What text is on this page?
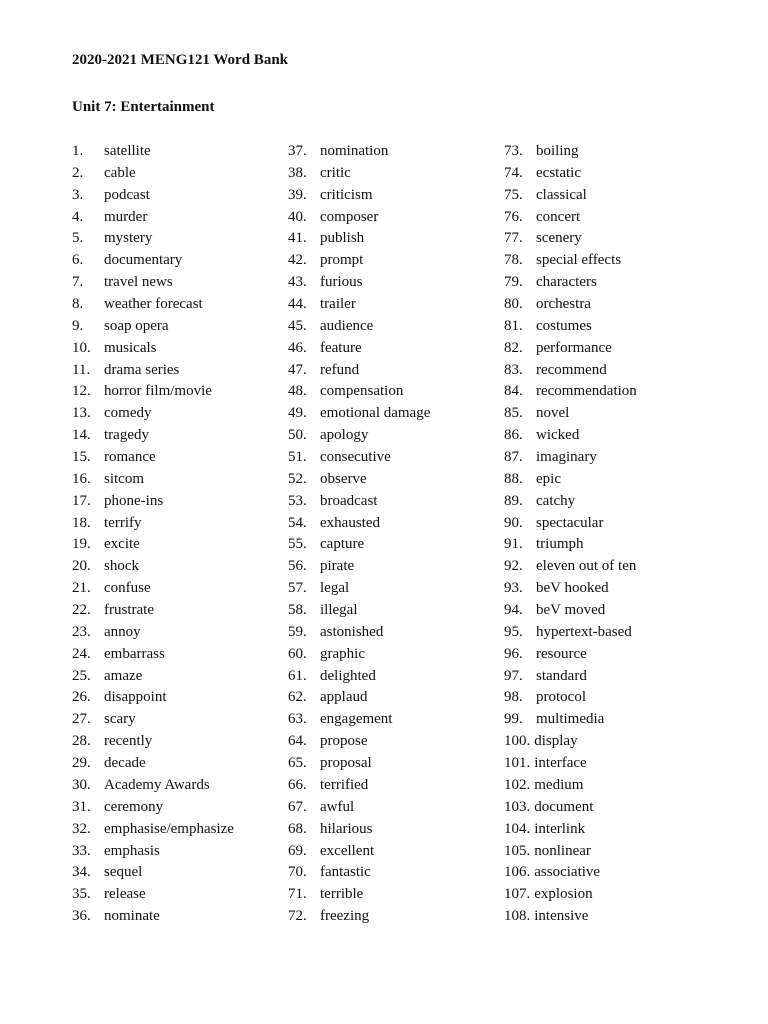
2020-2021 MENG121 Word Bank
Unit 7: Entertainment
1.	satellite
2.	cable
3.	podcast
4.	murder
5.	mystery
6.	documentary
7.	travel news
8.	weather forecast
9.	soap opera
10. musicals
11. drama series
12. horror film/movie
13. comedy
14. tragedy
15. romance
16. sitcom
17. phone-ins
18. terrify
19. excite
20. shock
21. confuse
22. frustrate
23. annoy
24. embarrass
25. amaze
26. disappoint
27. scary
28. recently
29. decade
30. Academy Awards
31. ceremony
32. emphasise/emphasize
33. emphasis
34. sequel
35. release
36. nominate
37. nomination
38. critic
39. criticism
40. composer
41. publish
42. prompt
43. furious
44. trailer
45. audience
46. feature
47. refund
48. compensation
49. emotional damage
50. apology
51. consecutive
52. observe
53. broadcast
54. exhausted
55. capture
56. pirate
57. legal
58. illegal
59. astonished
60. graphic
61. delighted
62. applaud
63. engagement
64. propose
65. proposal
66. terrified
67. awful
68. hilarious
69. excellent
70. fantastic
71. terrible
72. freezing
73. boiling
74. ecstatic
75. classical
76. concert
77. scenery
78. special effects
79. characters
80. orchestra
81. costumes
82. performance
83. recommend
84. recommendation
85. novel
86. wicked
87. imaginary
88. epic
89. catchy
90. spectacular
91. triumph
92. eleven out of ten
93. beV hooked
94. beV moved
95. hypertext-based
96. resource
97. standard
98. protocol
99. multimedia
100. display
101. interface
102. medium
103. document
104. interlink
105. nonlinear
106. associative
107. explosion
108. intensive
